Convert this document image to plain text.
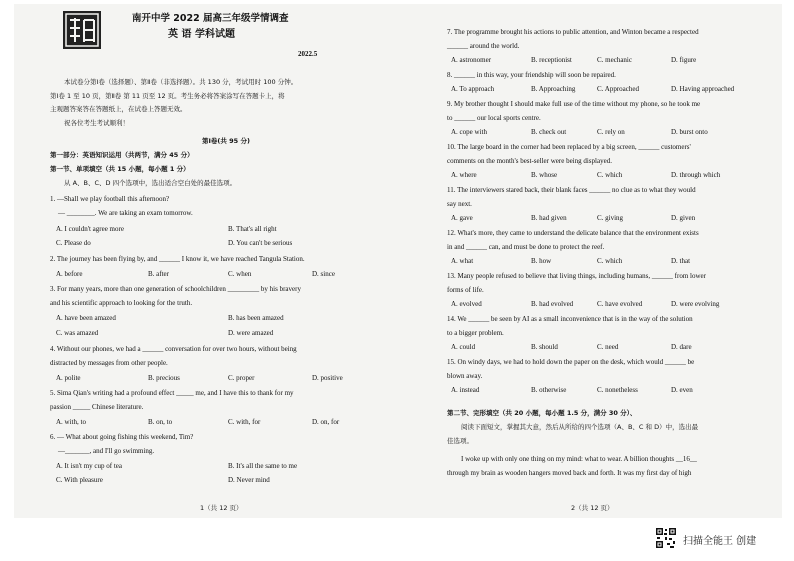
南开中学 2022 届高三年级学情调查
英 语 学科试题
2022.5
本试卷分第Ⅰ卷（选择题）、第Ⅱ卷（非选择题）。共 130 分，考试用时 100 分钟。
第Ⅰ卷 1 至 10 页，第Ⅱ卷 第 11 页至 12 页。考生务必将答案涂写在答题卡上，将
主观题答案答在答题纸上，在试卷上答题无效。
祝各位考生考试顺利！
第Ⅰ卷(共 95 分)
第一部分：英语知识运用（共两节，满分 45 分）
第一节、单项填空（共 15 小题，每小题 1 分）
从 A、B、C、D 四个选项中，选出适合空白处的最佳选项。
1. —Shall we play football this afternoon?
— ________. We are taking an exam tomorrow.
A. I couldn't agree more	B. That's all right
C. Please do	D. You can't be serious
2. The journey has been flying by, and ______ I know it, we have reached Tangula Station.
A. before	B. after	C. when	D. since
3. For many years, more than one generation of schoolchildren _________ by his bravery
and his scientific approach to looking for the truth.
A. have been amazed	B. has been amazed
C. was amazed	D. were amazed
4. Without our phones, we had a ______ conversation for over two hours, without being
distracted by messages from other people.
A. polite	B. precious	C. proper	D. positive
5. Sima Qian's writing had a profound effect _____ me, and I have this to thank for my
passion _____ Chinese literature.
A. with, to	B. on, to	C. with, for	D. on, for
6. — What about going fishing this weekend, Tim?
—_______, and I'll go swimming.
A. It isn't my cup of tea	B. It's all the same to me
C. With pleasure	D. Never mind
1（共 12 页）
7. The programme brought his actions to public attention, and Winton became a respected
______ around the world.
A. astronomer	B. receptionist	C. mechanic	D. figure
8. ______ in this way, your friendship will soon be repaired.
A. To approach	B. Approaching	C. Approached	D. Having approached
9. My brother thought I should make full use of the time without my phone, so he took me
to ______ our local sports centre.
A. cope with	B. check out	C. rely on	D. burst onto
10. The large board in the corner had been replaced by a big screen, ______ customers'
comments on the month's best-seller were being displayed.
A. where	B. whose	C. which	D. through which
11. The interviewers stared back, their blank faces ______ no clue as to what they would
say next.
A. gave	B. had given	C. giving	D. given
12. What's more, they came to understand the delicate balance that the environment exists
in and ______ can, and must be done to protect the reef.
A. what	B. how	C. which	D. that
13. Many people refused to believe that living things, including humans, ______ from lower
forms of life.
A. evolved	B. had evolved	C. have evolved	D. were evolving
14. We ______ be seen by AI as a small inconvenience that is in the way of the solution
to a bigger problem.
A. could	B. should	C. need	D. dare
15. On windy days, we had to hold down the paper on the desk, which would ______ be
blown away.
A. instead	B. otherwise	C. nonetheless	D. even
第二节、完形填空（共 20 小题，每小题 1.5 分，满分 30 分）、
阅读下面短文，掌握其大意，然后从所给的四个选项（A、B、C 和 D）中，选出最
佳选项。
I woke up with only one thing on my mind: what to wear. A billion thoughts __16__
through my brain as wooden hangers moved back and forth. It was my first day of high
2（共 12 页）
扫描全能王 创建
